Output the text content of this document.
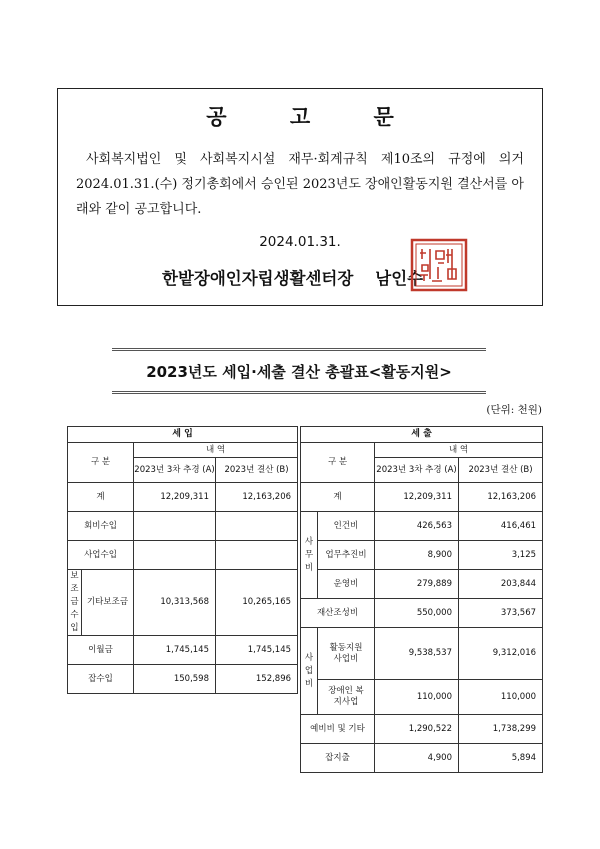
공 고 문
사회복지법인 및 사회복지시설 재무·회계규칙 제10조의 규정에 의거 2024.01.31.(수) 정기총회에서 승인된 2023년도 장애인활동지원 결산서를 아래와 같이 공고합니다.
2024.01.31.
한밭장애인자립생활센터장 남인수
2023년도 세입·세출 결산 총괄표<활동지원>
(단위: 천원)
세 입			
구 분		내 역	
		2023년 3차 추경 (A)	2023년 결산 (B)
계		12,209,311	12,163,206
회비수입			
사업수입			
보조금수입	기타보조금	10,313,568	10,265,165
이월금		1,745,145	1,745,145
잡수입		150,598	152,896
세 출			
구 분		내 역	
		2023년 3차 추경 (A)	2023년 결산 (B)
계		12,209,311	12,163,206
사무비	인건비	426,563	416,461
	업무추진비	8,900	3,125
	운영비	279,889	203,844
재산조성비		550,000	373,567
사업비	활동지원 사업비	9,538,537	9,312,016
	장애인 복지사업	110,000	110,000
예비비 및 기타		1,290,522	1,738,299
잡지출		4,900	5,894
